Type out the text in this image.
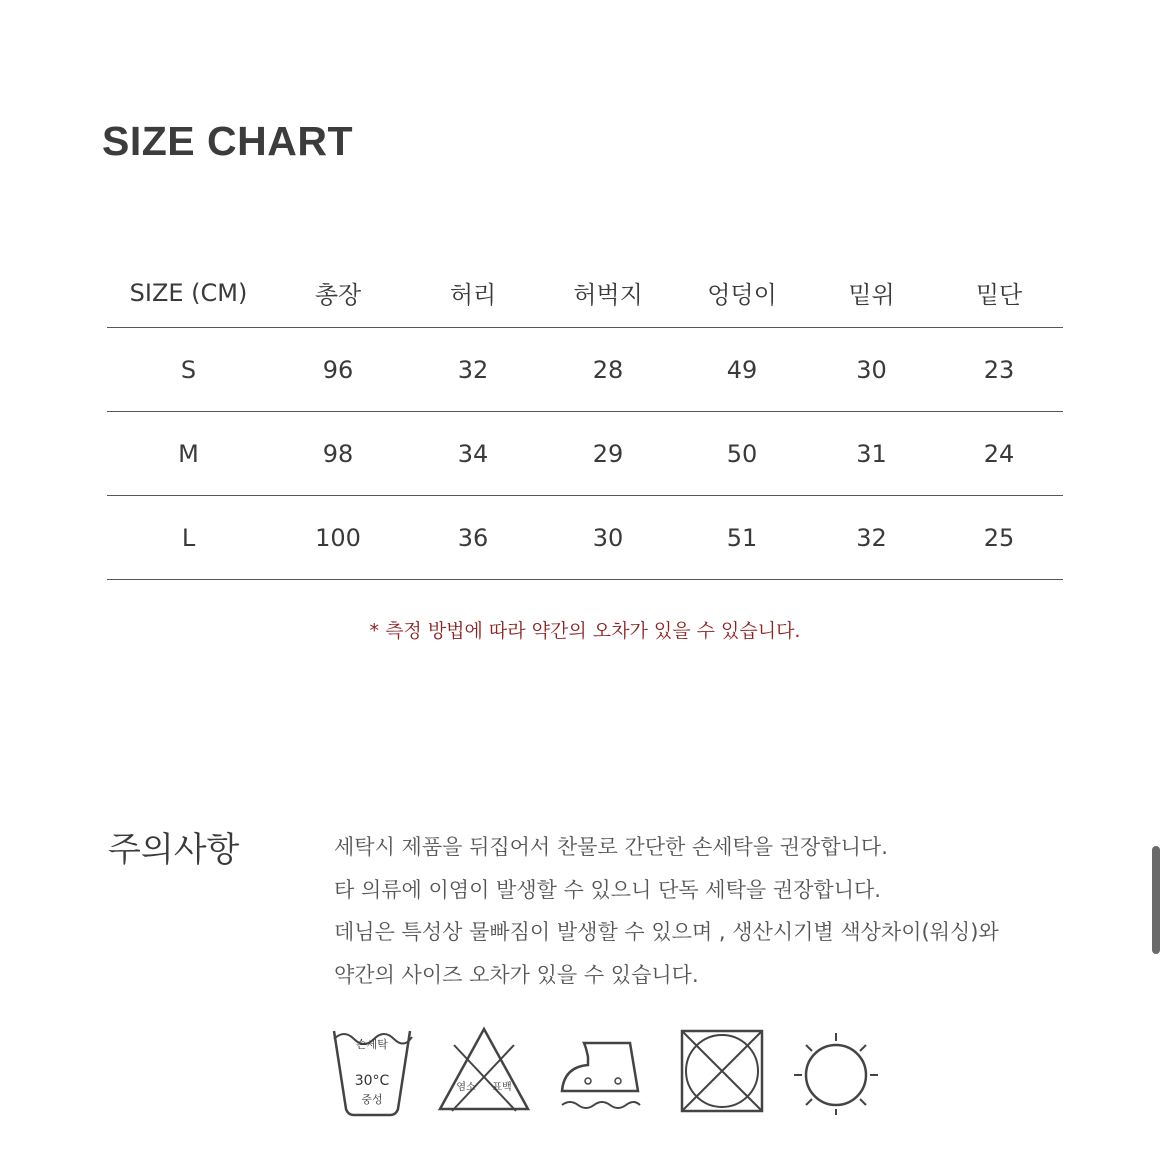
SIZE CHART
SIZE (CM)	총장	허리	허벅지	엉덩이	밑위	밑단
S	96	32	28	49	30	23
M	98	34	29	50	31	24
L	100	36	30	51	32	25
* 측정 방법에 따라 약간의 오차가 있을 수 있습니다.
주의사항	세탁시 제품을 뒤집어서 찬물로 간단한 손세탁을 권장합니다.
타 의류에 이염이 발생할 수 있으니 단독 세탁을 권장합니다.
데님은 특성상 물빠짐이 발생할 수 있으며 , 생산시기별 색상차이(워싱)와
약간의 사이즈 오차가 있을 수 있습니다.
손세탁
30°C
중성
염소 표백
